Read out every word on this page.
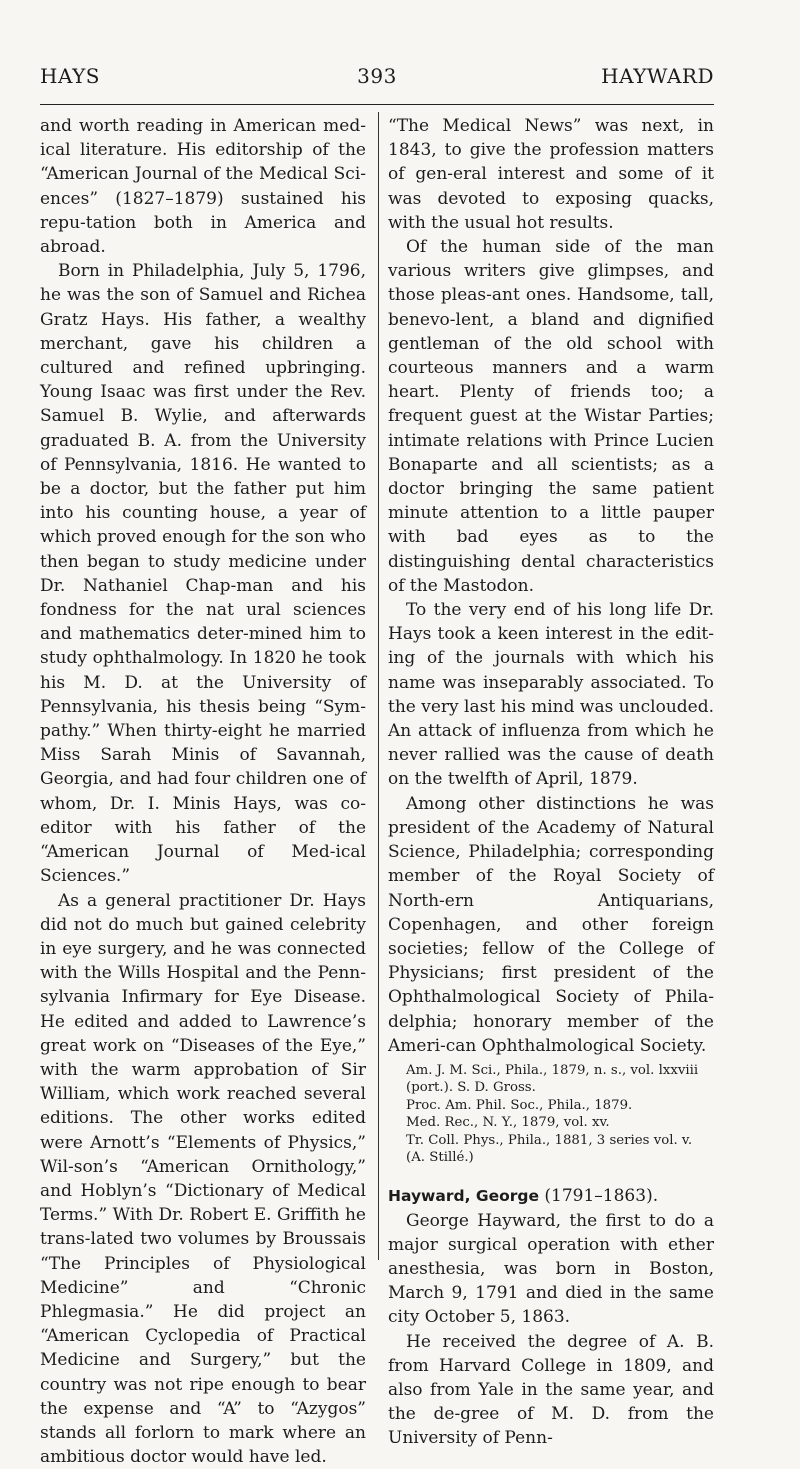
393
HAYS	HAYWARD

and worth reading in American med-ical literature. His editorship of the “American Journal of the Medical Sci-ences” (1827–1879) sustained his repu-tation both in America and abroad.

Born in Philadelphia, July 5, 1796, he was the son of Samuel and Richea Gratz Hays. His father, a wealthy merchant, gave his children a cultured and refined upbringing. Young Isaac was first under the Rev. Samuel B. Wylie, and afterwards graduated B. A. from the University of Pennsylvania, 1816. He wanted to be a doctor, but the father put him into his counting house, a year of which proved enough for the son who then began to study medicine under Dr. Nathaniel Chap-man and his fondness for the nat ural sciences and mathematics deter-mined him to study ophthalmology. In 1820 he took his M. D. at the University of Pennsylvania, his thesis being “Sym-pathy.” When thirty-eight he married Miss Sarah Minis of Savannah, Georgia, and had four children one of whom, Dr. I. Minis Hays, was co-editor with his father of the “American Journal of Med-ical Sciences.”

As a general practitioner Dr. Hays did not do much but gained celebrity in eye surgery, and he was connected with the Wills Hospital and the Penn-sylvania Infirmary for Eye Disease. He edited and added to Lawrence’s great work on “Diseases of the Eye,” with the warm approbation of Sir William, which work reached several editions. The other works edited were Arnott’s “Elements of Physics,” Wil-son’s “American Ornithology,” and Hoblyn’s “Dictionary of Medical Terms.” With Dr. Robert E. Griffith he trans-lated two volumes by Broussais “The Principles of Physiological Medicine” and “Chronic Phlegmasia.” He did project an “American Cyclopedia of Practical Medicine and Surgery,” but the country was not ripe enough to bear the expense and “A” to “Azygos” stands all forlorn to mark where an ambitious doctor would have led.

“The Medical News” was next, in 1843, to give the profession matters of gen-eral interest and some of it was devoted to exposing quacks, with the usual hot results.

Of the human side of the man various writers give glimpses, and those pleas-ant ones. Handsome, tall, benevo-lent, a bland and dignified gentleman of the old school with courteous manners and a warm heart. Plenty of friends too; a frequent guest at the Wistar Parties; intimate relations with Prince Lucien Bonaparte and all scientists; as a doctor bringing the same patient minute attention to a little pauper with bad eyes as to the distinguishing dental characteristics of the Mastodon.

To the very end of his long life Dr. Hays took a keen interest in the edit-ing of the journals with which his name was inseparably associated. To the very last his mind was unclouded. An attack of influenza from which he never rallied was the cause of death on the twelfth of April, 1879.

Among other distinctions he was president of the Academy of Natural Science, Philadelphia; corresponding member of the Royal Society of North-ern Antiquarians, Copenhagen, and other foreign societies; fellow of the College of Physicians; first president of the Ophthalmological Society of Phila-delphia; honorary member of the Ameri-can Ophthalmological Society.

Am. J. M. Sci., Phila., 1879, n. s., vol. lxxviii (port.). S. D. Gross.
Proc. Am. Phil. Soc., Phila., 1879.
Med. Rec., N. Y., 1879, vol. xv.
Tr. Coll. Phys., Phila., 1881, 3 series vol. v. (A. Stillé.)

Hayward, George (1791–1863).

George Hayward, the first to do a major surgical operation with ether anesthesia, was born in Boston, March 9, 1791 and died in the same city October 5, 1863.

He received the degree of A. B. from Harvard College in 1809, and also from Yale in the same year, and the de-gree of M. D. from the University of Penn-
